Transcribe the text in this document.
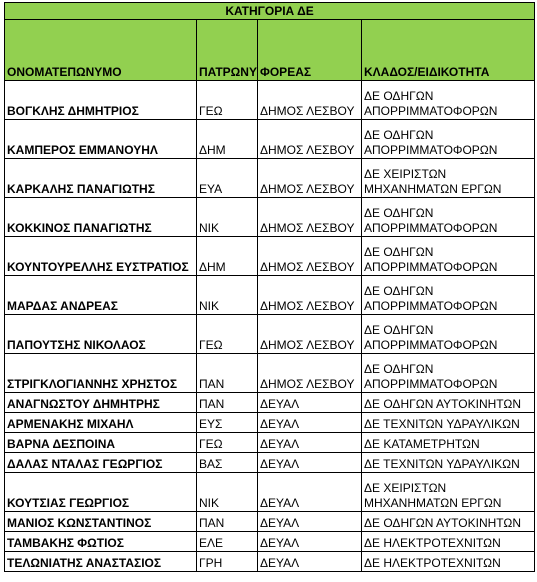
ΚΑΤΗΓΟΡΙΑ ΔΕ			
ΟΝΟΜΑΤΕΠΩΝΥΜΟ	ΠΑΤΡΩΝΥ	ΦΟΡΕΑΣ	ΚΛΑΔΟΣ/ΕΙΔΙΚΟΤΗΤΑ
ΒΟΓΚΛΗΣ ΔΗΜΗΤΡΙΟΣ	ΓΕΩ	ΔΗΜΟΣ ΛΕΣΒΟΥ	ΔΕ ΟΔΗΓΩΝ
ΑΠΟΡΡΙΜΜΑΤΟΦΟΡΩΝ

ΚΑΜΠΕΡΟΣ ΕΜΜΑΝΟΥΗΛ	ΔΗΜ	ΔΗΜΟΣ ΛΕΣΒΟΥ	ΔΕ ΟΔΗΓΩΝ
ΑΠΟΡΡΙΜΜΑΤΟΦΟΡΩΝ

ΚΑΡΚΑΛΗΣ ΠΑΝΑΓΙΩΤΗΣ	ΕΥΑ	ΔΗΜΟΣ ΛΕΣΒΟΥ	ΔΕ ΧΕΙΡΙΣΤΩΝ
ΜΗΧΑΝΗΜΑΤΩΝ ΕΡΓΩΝ

ΚΟΚΚΙΝΟΣ ΠΑΝΑΓΙΩΤΗΣ	ΝΙΚ	ΔΗΜΟΣ ΛΕΣΒΟΥ	ΔΕ ΟΔΗΓΩΝ
ΑΠΟΡΡΙΜΜΑΤΟΦΟΡΩΝ

ΚΟΥΝΤΟΥΡΕΛΛΗΣ ΕΥΣΤΡΑΤΙΟΣ	ΔΗΜ	ΔΗΜΟΣ ΛΕΣΒΟΥ	ΔΕ ΟΔΗΓΩΝ
ΑΠΟΡΡΙΜΜΑΤΟΦΟΡΩΝ

ΜΑΡΔΑΣ ΑΝΔΡΕΑΣ	ΝΙΚ	ΔΗΜΟΣ ΛΕΣΒΟΥ	ΔΕ ΟΔΗΓΩΝ
ΑΠΟΡΡΙΜΜΑΤΟΦΟΡΩΝ

ΠΑΠΟΥΤΣΗΣ ΝΙΚΟΛΑΟΣ	ΓΕΩ	ΔΗΜΟΣ ΛΕΣΒΟΥ	ΔΕ ΟΔΗΓΩΝ
ΑΠΟΡΡΙΜΜΑΤΟΦΟΡΩΝ

ΣΤΡΙΓΚΛΟΓΙΑΝΝΗΣ ΧΡΗΣΤΟΣ	ΠΑΝ	ΔΗΜΟΣ ΛΕΣΒΟΥ	ΔΕ ΟΔΗΓΩΝ
ΑΠΟΡΡΙΜΜΑΤΟΦΟΡΩΝ

ΑΝΑΓΝΩΣΤΟΥ ΔΗΜΗΤΡΗΣ	ΠΑΝ	ΔΕΥΑΛ	ΔΕ ΟΔΗΓΩΝ ΑΥΤΟΚΙΝΗΤΩΝ

ΑΡΜΕΝΑΚΗΣ ΜΙΧΑΗΛ	ΕΥΣ	ΔΕΥΑΛ	ΔΕ ΤΕΧΝΙΤΩΝ ΥΔΡΑΥΛΙΚΩΝ

ΒΑΡΝΑ ΔΕΣΠΟΙΝΑ	ΓΕΩ	ΔΕΥΑΛ	ΔΕ ΚΑΤΑΜΕΤΡΗΤΩΝ

ΔΑΛΑΣ ΝΤΑΛΑΣ ΓΕΩΡΓΙΟΣ	ΒΑΣ	ΔΕΥΑΛ	ΔΕ ΤΕΧΝΙΤΩΝ ΥΔΡΑΥΛΙΚΩΝ

ΚΟΥΤΣΙΑΣ ΓΕΩΡΓΙΟΣ	ΝΙΚ	ΔΕΥΑΛ	ΔΕ ΧΕΙΡΙΣΤΩΝ
ΜΗΧΑΝΗΜΑΤΩΝ ΕΡΓΩΝ

ΜΑΝΙΟΣ ΚΩΝΣΤΑΝΤΙΝΟΣ	ΠΑΝ	ΔΕΥΑΛ	ΔΕ ΟΔΗΓΩΝ ΑΥΤΟΚΙΝΗΤΩΝ

ΤΑΜΒΑΚΗΣ ΦΩΤΙΟΣ	ΕΛΕ	ΔΕΥΑΛ	ΔΕ ΗΛΕΚΤΡΟΤΕΧΝΙΤΩΝ

ΤΕΛΩΝΙΑΤΗΣ ΑΝΑΣΤΑΣΙΟΣ	ΓΡΗ	ΔΕΥΑΛ	ΔΕ ΗΛΕΚΤΡΟΤΕΧΝΙΤΩΝ
